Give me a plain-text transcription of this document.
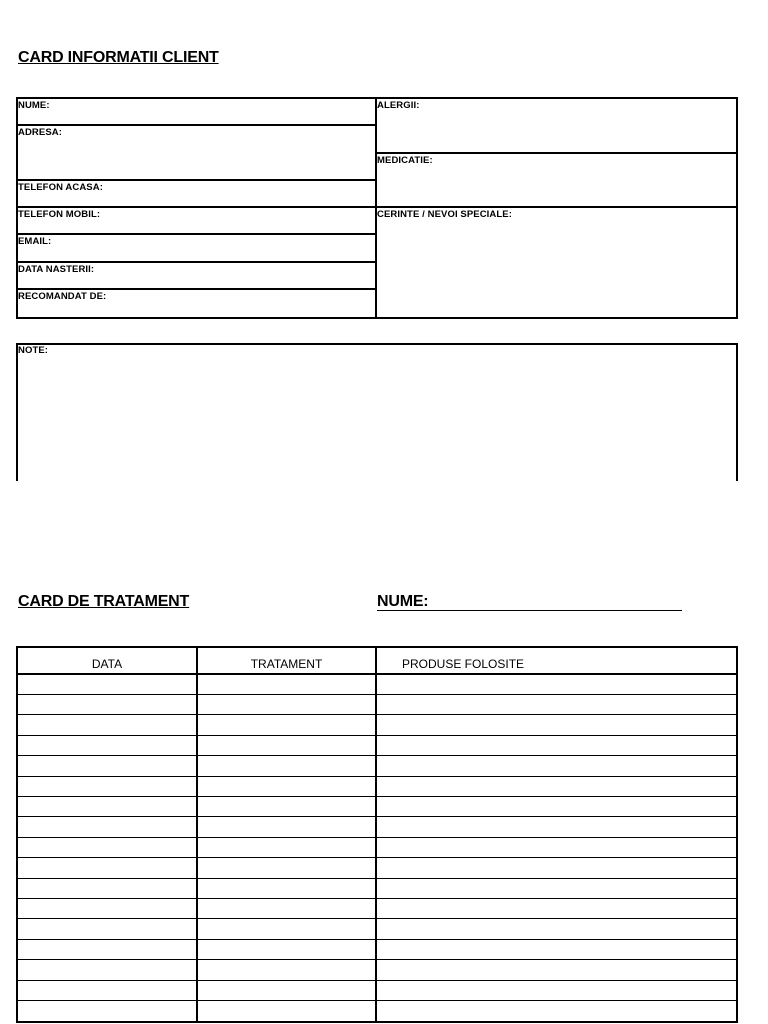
CARD INFORMATII CLIENT
NUME:
ADRESA:
TELEFON ACASA:
TELEFON MOBIL:
EMAIL:
DATA NASTERII:
RECOMANDAT DE:
ALERGII:
MEDICATIE:
CERINTE / NEVOI SPECIALE:
NOTE:
CARD DE TRATAMENT	NUME:
DATA	TRATAMENT	PRODUSE FOLOSITE
